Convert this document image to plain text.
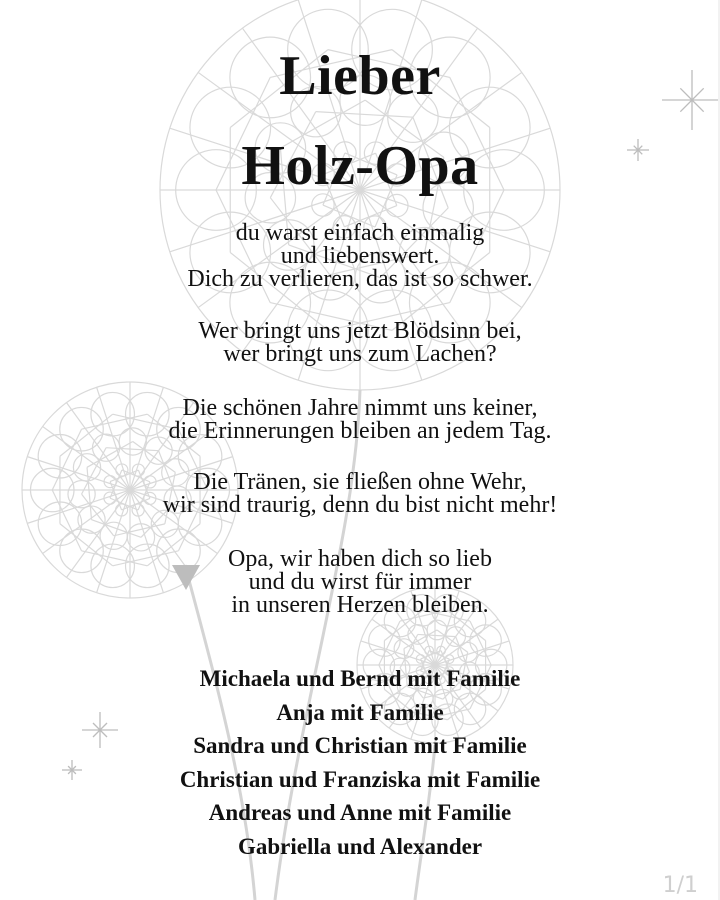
Lieber
Holz-Opa
du warst einfach einmalig
und liebenswert.
Dich zu verlieren, das ist so schwer.
Wer bringt uns jetzt Blödsinn bei,
wer bringt uns zum Lachen?
Die schönen Jahre nimmt uns keiner,
die Erinnerungen bleiben an jedem Tag.
Die Tränen, sie fließen ohne Wehr,
wir sind traurig, denn du bist nicht mehr!
Opa, wir haben dich so lieb
und du wirst für immer
in unseren Herzen bleiben.
Michaela und Bernd mit Familie
Anja mit Familie
Sandra und Christian mit Familie
Christian und Franziska mit Familie
Andreas und Anne mit Familie
Gabriella und Alexander
1/1
